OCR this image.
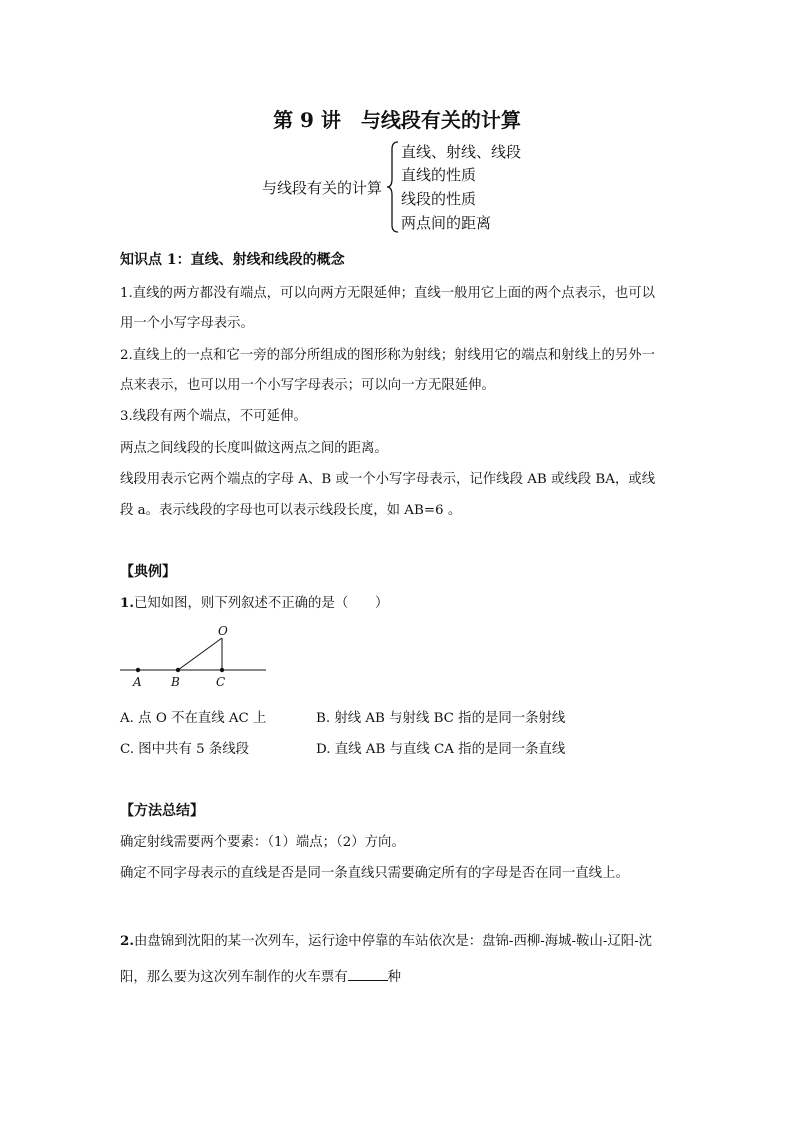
第 9 讲　与线段有关的计算
与线段有关的计算
直线、射线、线段
直线的性质
线段的性质
两点间的距离
知识点 1：直线、射线和线段的概念
1.直线的两方都没有端点，可以向两方无限延伸；直线一般用它上面的两个点表示，也可以
用一个小写字母表示。
2.直线上的一点和它一旁的部分所组成的图形称为射线；射线用它的端点和射线上的另外一
点来表示，也可以用一个小写字母表示；可以向一方无限延伸。
3.线段有两个端点，不可延伸。
两点之间线段的长度叫做这两点之间的距离。
线段用表示它两个端点的字母 A、B 或一个小写字母表示，记作线段 AB 或线段 BA，或线
段 a。表示线段的字母也可以表示线段长度，如 AB=6 。
【典例】
1.已知如图，则下列叙述不正确的是（　　）
O
A B	C
A. 点 O 不在直线 AC 上	B. 射线 AB 与射线 BC 指的是同一条射线
C. 图中共有 5 条线段	D. 直线 AB 与直线 CA 指的是同一条直线
【方法总结】
确定射线需要两个要素：（1）端点；（2）方向。
确定不同字母表示的直线是否是同一条直线只需要确定所有的字母是否在同一直线上。
2.由盘锦到沈阳的某一次列车，运行途中停靠的车站依次是：盘锦-西柳-海城-鞍山-辽阳-沈
阳，那么要为这次列车制作的火车票有	种
